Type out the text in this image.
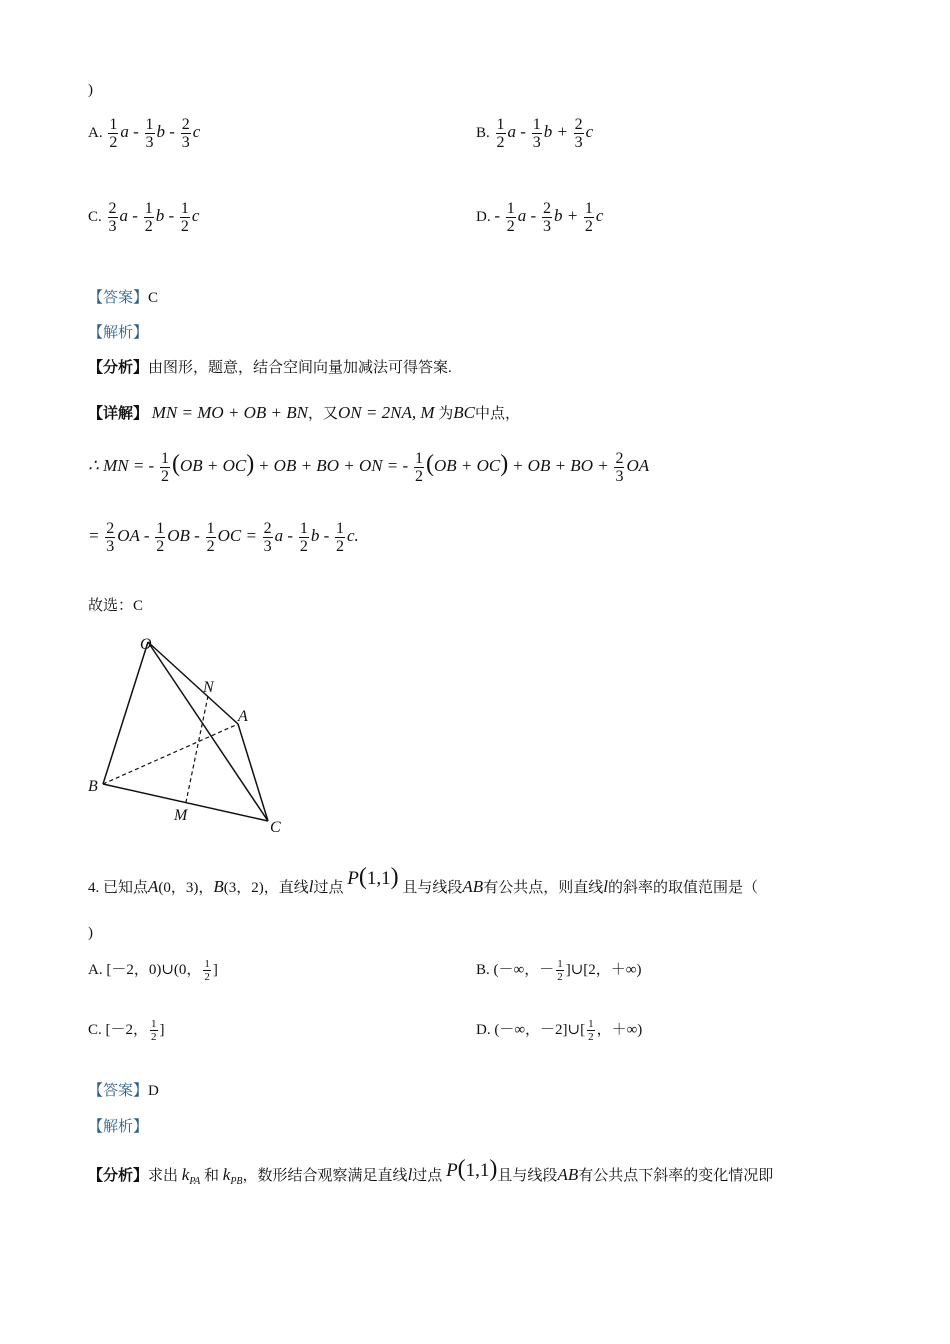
)
A. $\frac{1}{2}$ a - $\frac{1}{3}$ b - $\frac{2}{3}$ c	B. $\frac{1}{2}$ a - $\frac{1}{3}$ $b + \frac{2}{3}$ c
C. $\frac{2}{3}$ a - $\frac{1}{2}$ b - $\frac{1}{2}$ c	D. - $\frac{1}{2}$ a - $\frac{2}{3}$ $b + \frac{1}{2}$ c
【答案】C
【解析】
【分析】由图形，题意，结合空间向量加减法可得答案.
【详解】 MN = MO + OB + BN，又ON = 2NA, M 为BC中点，
∴ MN = - $\frac{1}{2} (OB + OC)$ + OB + BO + ON = - $\frac{1}{2} (OB + OC)$ + OB + BO + $\frac{2}{3}$ OA
= $\frac{2}{3}$ OA - $\frac{1}{2}$ OB - $\frac{1}{2}$ OC = $\frac{2}{3}$ a - $\frac{1}{2}$ b - $\frac{1}{2} c$.
故选：C
O
N
A
B
M
C
4. 已知点A(0，3)，B(3，2)，直线l过点 P(1,1) 且与线段AB有公共点，则直线l的斜率的取值范围是（
)
A. [－2，0)∪(0， $\frac{1}{2}$ ]	B. (－∞，－ $\frac{1}{2}$ ]∪[2，＋∞)
C. [－2， $\frac{1}{2}$ ]	D. (－∞，－2]∪[ $\frac{1}{2}$ ，＋∞)
【答案】D
【解析】
【分析】求出 $k_{PA}$ 和 $k_{PB}$，数形结合观察满足直线l过点 P(1,1)且与线段AB有公共点下斜率的变化情况即
